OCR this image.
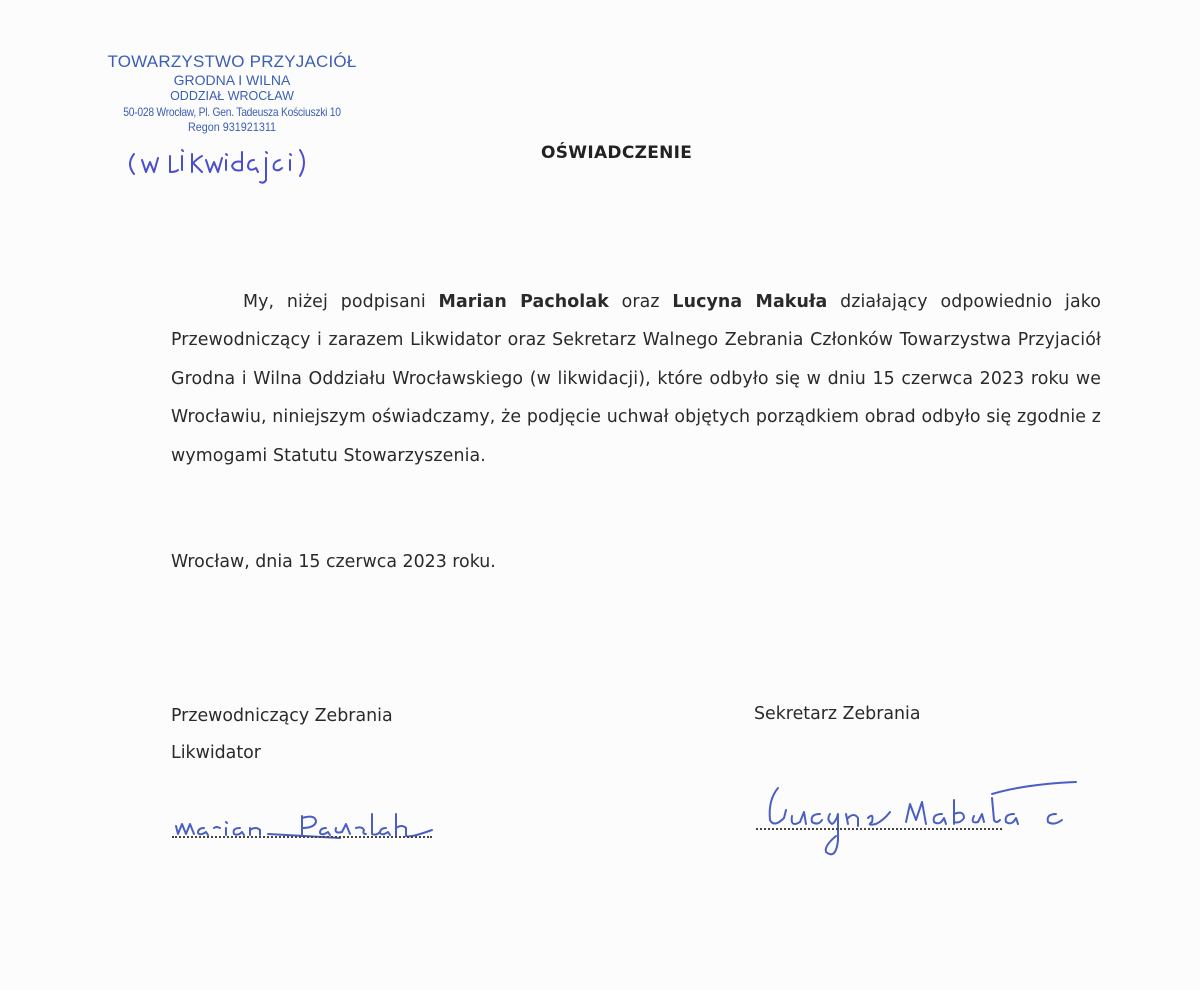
TOWARZYSTWO PRZYJACIÓŁ
GRODNA I WILNA
ODDZIAŁ WROCŁAW
50-028 Wrocław, Pl. Gen. Tadeusza Kościuszki 10
Regon 931921311
OŚWIADCZENIE
My, niżej podpisani Marian Pacholak oraz Lucyna Makuła działający odpowiednio jako Przewodniczący i zarazem Likwidator oraz Sekretarz Walnego Zebrania Członków Towarzystwa Przyjaciół Grodna i Wilna Oddziału Wrocławskiego (w likwidacji), które odbyło się w dniu 15 czerwca 2023 roku we Wrocławiu, niniejszym oświadczamy, że podjęcie uchwał objętych porządkiem obrad odbyło się zgodnie z wymogami Statutu Stowarzyszenia.
Wrocław, dnia 15 czerwca 2023 roku.
Przewodniczący Zebrania
Likwidator
Sekretarz Zebrania
